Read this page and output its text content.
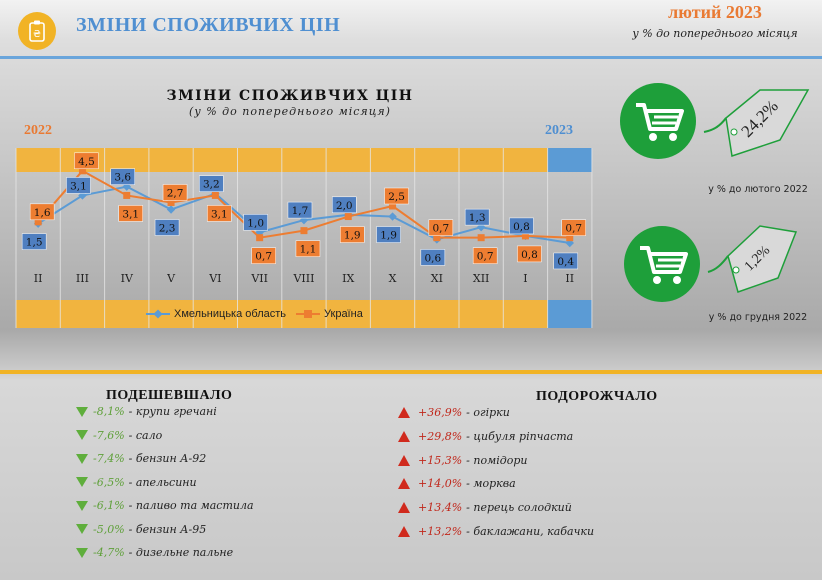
₴ ЗМІНИ СПОЖИВЧИХ ЦІН
лютий 2023
у % до попереднього місяця
ЗМІНИ СПОЖИВЧИХ ЦІН
(у % до попереднього місяця)
2022	2023
II	III	IV	V	VI	VII VIII	IX	X	XI	XII	I	II
1,5
3,1
3,6
2,3
3,2
1,0
1,7	2,0
1,9
0,6
1,3
0,8
0,4
1,6
4,5
3,1
2,7
3,1
0,7
1,1
1,9
2,5
0,7
0,7	0,8
0,7
Хмельницька область	Україна
24,2%
у % до лютого 2022
1,2%
у % до грудня 2022
ПОДЕШЕВШАЛО	ПОДОРОЖЧАЛО
-8,1% - крупи гречані
-7,6% - сало
-7,4% - бензин А-92
-6,5% - апельсини
-6,1% - паливо та мастила
-5,0% - бензин А-95
-4,7% - дизельне пальне
+36,9% - огірки
+29,8% - цибуля ріпчаста
+15,3% - помідори
+14,0% - морква
+13,4% - перець солодкий
+13,2% - баклажани, кабачки
